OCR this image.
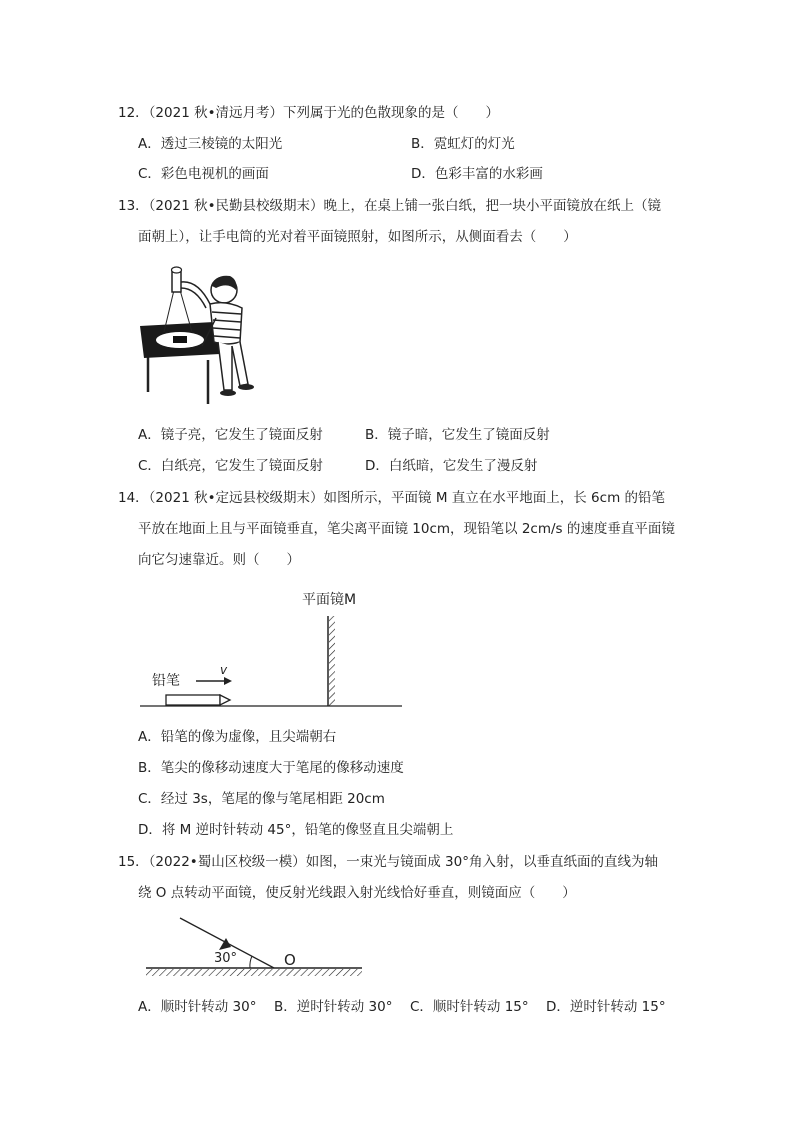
12．（2021 秋•清远月考）下列属于光的色散现象的是（　　）
A．透过三棱镜的太阳光	B．霓虹灯的灯光
C．彩色电视机的画面	D．色彩丰富的水彩画
13．（2021 秋•民勤县校级期末）晚上，在桌上铺一张白纸，把一块小平面镜放在纸上（镜
面朝上），让手电筒的光对着平面镜照射，如图所示，从侧面看去（　　）
A．镜子亮，它发生了镜面反射	B．镜子暗，它发生了镜面反射
C．白纸亮，它发生了镜面反射	D．白纸暗，它发生了漫反射
14．（2021 秋•定远县校级期末）如图所示，平面镜 M 直立在水平地面上，长 6cm 的铅笔
平放在地面上且与平面镜垂直，笔尖离平面镜 10cm，现铅笔以 2cm/s 的速度垂直平面镜
向它匀速靠近。则（　　）
平面镜M
铅笔
v
A．铅笔的像为虚像，且尖端朝右
B．笔尖的像移动速度大于笔尾的像移动速度
C．经过 3s，笔尾的像与笔尾相距 20cm
D．将 M 逆时针转动 45°，铅笔的像竖直且尖端朝上
15．（2022•蜀山区校级一模）如图，一束光与镜面成 30°角入射，以垂直纸面的直线为轴
绕 O 点转动平面镜，使反射光线跟入射光线恰好垂直，则镜面应（　　）
30°	O
A．顺时针转动 30° B．逆时针转动 30° C．顺时针转动 15° D．逆时针转动 15°
